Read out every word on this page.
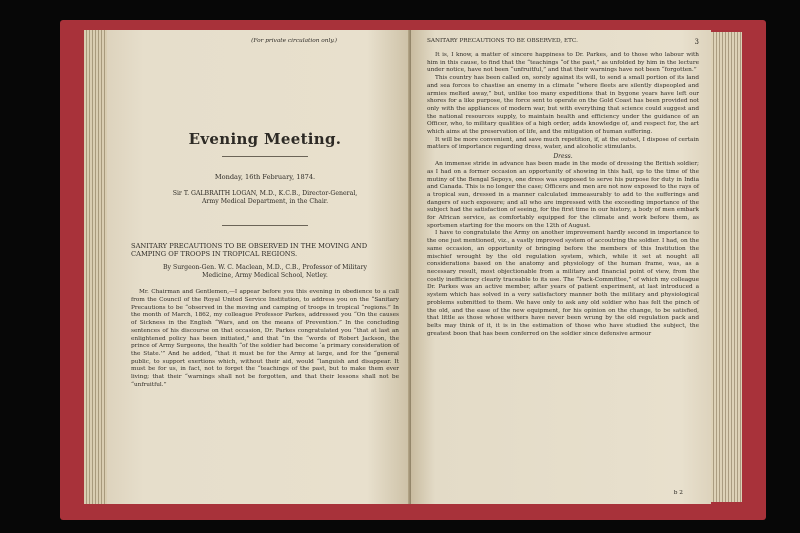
(For private circulation only.)
Evening Meeting.
Monday, 16th February, 1874.
Sir T. GALBRAITH LOGAN, M.D., K.C.B., Director-General,
Army Medical Department, in the Chair.
SANITARY PRECAUTIONS TO BE OBSERVED IN THE MOVING AND CAMPING OF TROOPS IN TROPICAL REGIONS.
By Surgeon-Gen. W. C. Maclean, M.D., C.B., Professor of Military
Medicine, Army Medical School, Netley.

Mr. Chairman and Gentlemen,—I appear before you this evening in obedience to a call from the Council of the Royal United Service Institution, to address you on the “Sanitary Precautions to be “observed in the moving and camping of troops in tropical “regions.” In the month of March, 1862, my colleague Professor Parkes, addressed you “On the causes of Sickness in the English “Wars, and on the means of Prevention.” In the concluding sentences of his discourse on that occasion, Dr. Parkes congratulated you “that at last an enlightened policy has been initiated,” and that “in the “words of Robert Jackson, the prince of Army Surgeons, the health “of the soldier had become ‘a primary consideration of the State.’” And he added, “that it must be for the Army at large, and for the “general public, to support exertions which, without their aid, would “languish and disappear. It must be for us, in fact, not to forget the “teachings of the past, but to make them ever living; that their “warnings shall not be forgotten, and that their lessons shall not be “unfruitful.”

SANITARY PRECAUTIONS TO BE OBSERVED, ETC.	3

It is, I know, a matter of sincere happiness to Dr. Parkes, and to those who labour with him in this cause, to find that the “teachings “of the past,” as unfolded by him in the lecture under notice, have not been “unfruitful,” and that their warnings have not been “forgotten.”

This country has been called on, sorely against its will, to send a small portion of its land and sea forces to chastise an enemy in a climate “where fleets are silently dispeopled and armies melted away,” but, unlike too many expeditions that in bygone years have left our shores for a like purpose, the force sent to operate on the Gold Coast has been provided not only with the appliances of modern war, but with everything that science could suggest and the national resources supply, to maintain health and efficiency under the guidance of an Officer, who, to military qualities of a high order, adds knowledge of, and respect for, the art which aims at the preservation of life, and the mitigation of human suffering.

It will be more convenient, and save much repetition, if, at the outset, I dispose of certain matters of importance regarding dress, water, and alcoholic stimulants.

Dress.

An immense stride in advance has been made in the mode of dressing the British soldier; as I had on a former occasion an opportunity of showing in this hall, up to the time of the mutiny of the Bengal Sepoys, one dress was supposed to serve his purpose for duty in India and Canada. This is no longer the case; Officers and men are not now exposed to the rays of a tropical sun, dressed in a manner calculated immeasurably to add to the sufferings and dangers of such exposure; and all who are impressed with the exceeding importance of the subject had the satisfaction of seeing, for the first time in our history, a body of men embark for African service, as comfortably equipped for the climate and work before them, as sportsmen starting for the moors on the 12th of August.

I have to congratulate the Army on another improvement hardly second in importance to the one just mentioned, viz., a vastly improved system of accoutring the soldier. I had, on the same occasion, an opportunity of bringing before the members of this Institution the mischief wrought by the old regulation system, which, while it set at nought all considerations based on the anatomy and physiology of the human frame, was, as a necessary result, most objectionable from a military and financial point of view, from the costly inefficiency clearly traceable to its use. The “Pack-Committee,” of which my colleague Dr. Parkes was an active member, after years of patient experiment, at last introduced a system which has solved in a very satisfactory manner both the military and physiological problems submitted to them. We have only to ask any old soldier who has felt the pinch of the old, and the ease of the new equipment, for his opinion on the change, to be satisfied, that little as those whose withers have never been wrung by the old regulation pack and belts may think of it, it is in the estimation of those who have studied the subject, the greatest boon that has been conferred on the soldier since defensive armour

b 2
